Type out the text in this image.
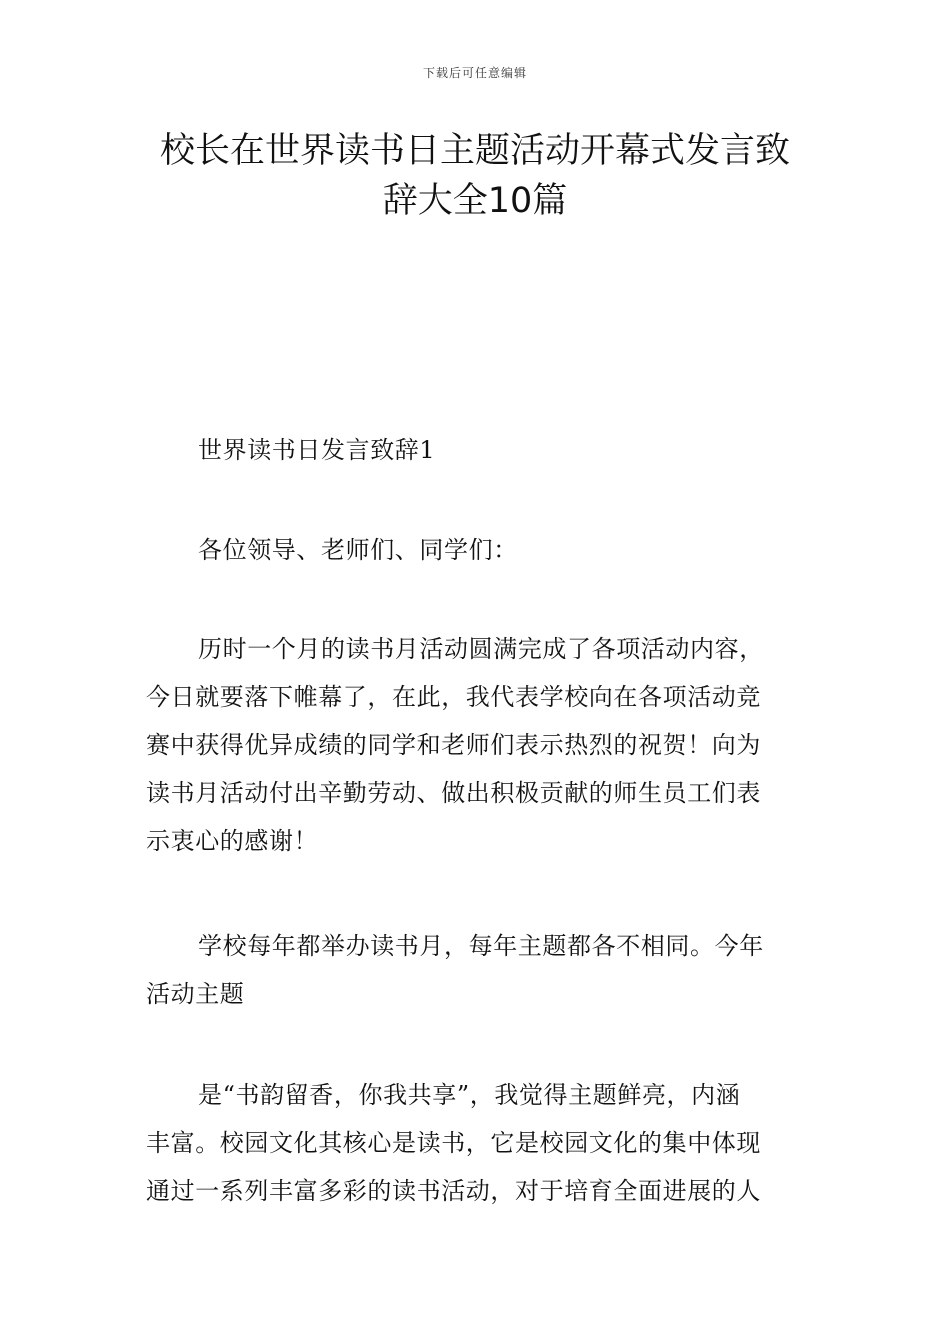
下载后可任意编辑
校长在世界读书日主题活动开幕式发言致
辞大全10篇
世界读书日发言致辞1
各位领导、老师们、同学们：
历时一个月的读书月活动圆满完成了各项活动内容，
今日就要落下帷幕了，在此，我代表学校向在各项活动竞
赛中获得优异成绩的同学和老师们表示热烈的祝贺！向为
读书月活动付出辛勤劳动、做出积极贡献的师生员工们表
示衷心的感谢！
学校每年都举办读书月，每年主题都各不相同。今年
活动主题
是“书韵留香，你我共享”，我觉得主题鲜亮，内涵
丰富。校园文化其核心是读书，它是校园文化的集中体现
通过一系列丰富多彩的读书活动，对于培育全面进展的人
